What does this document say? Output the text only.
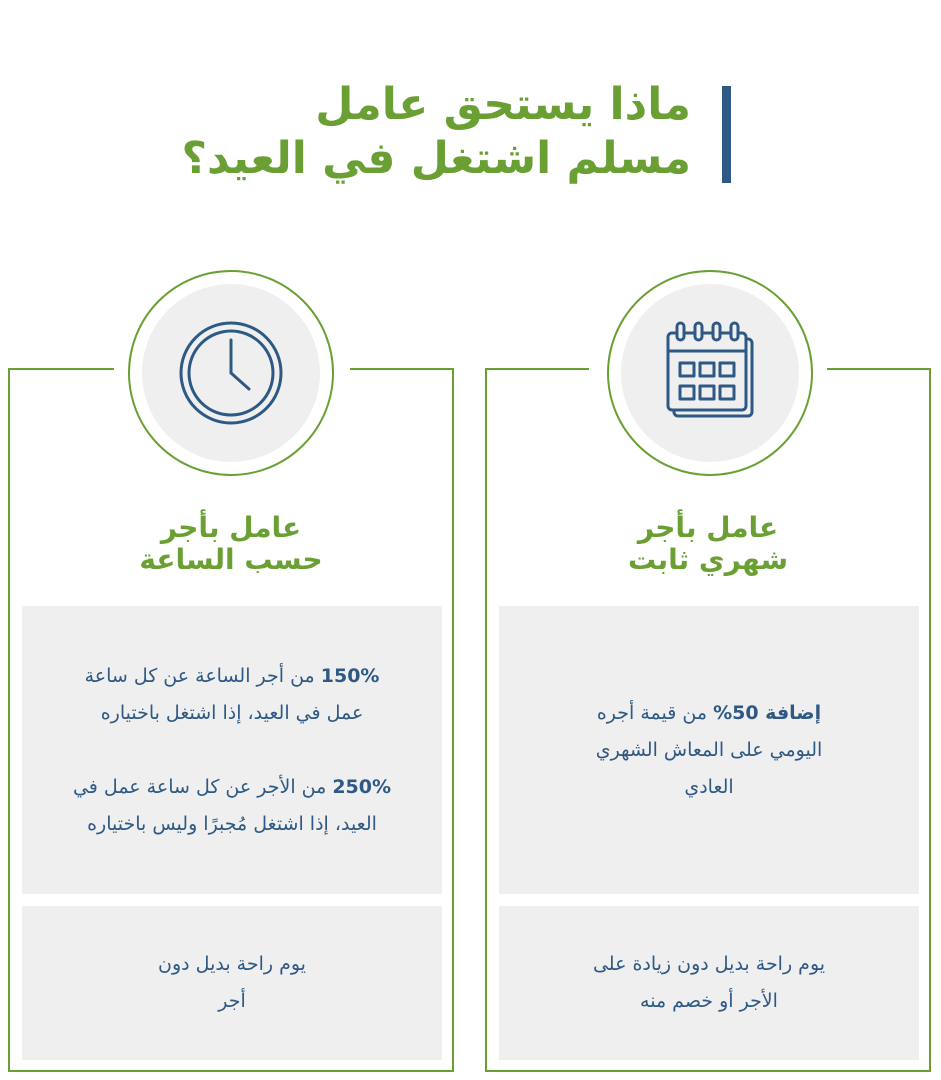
ماذا يستحق عامل
مسلم اشتغل في العيد؟
عامل بأجر
شهري ثابت
إضافة 50% من قيمة أجره
اليومي على المعاش الشهري
العادي
يوم راحة بديل دون زيادة على
الأجر أو خصم منه
عامل بأجر
حسب الساعة
150% من أجر الساعة عن كل ساعة
عمل في العيد، إذا اشتغل باختياره
250% من الأجر عن كل ساعة عمل في
العيد، إذا اشتغل مُجبرًا وليس باختياره
يوم راحة بديل دون
أجر
